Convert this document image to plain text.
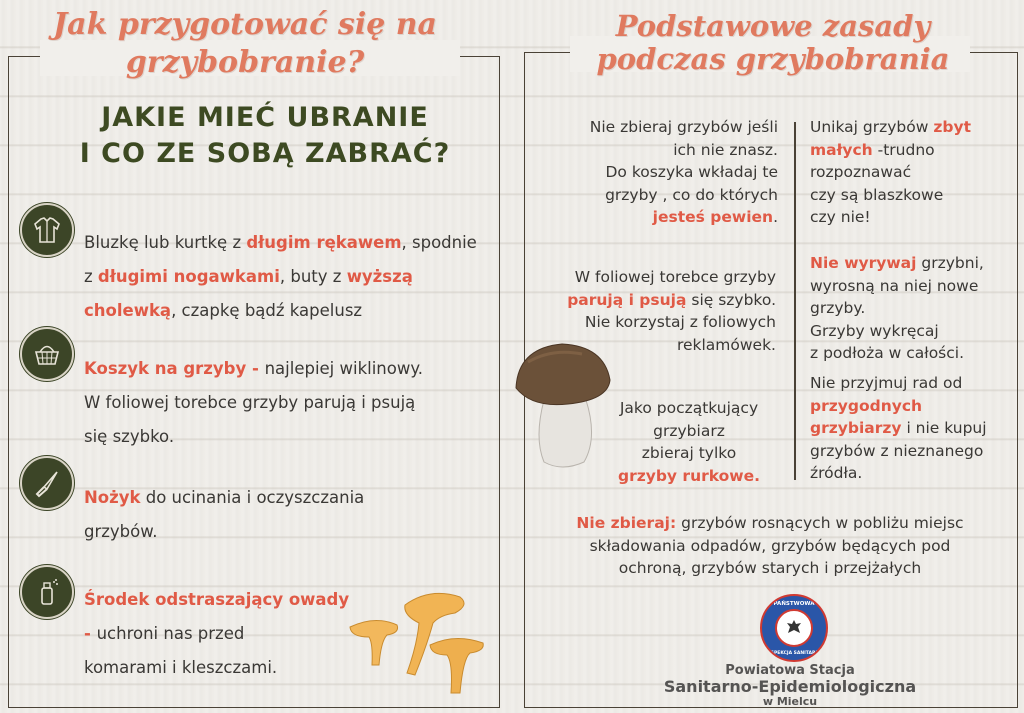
Jak przygotować się na
grzybobranie?
JAKIE MIEĆ UBRANIE
I CO ZE SOBĄ ZABRAĆ?
Bluzkę lub kurtkę z długim rękawem, spodnie
z długimi nogawkami, buty z wyższą
cholewką, czapkę bądź kapelusz
Koszyk na grzyby - najlepiej wiklinowy.
W foliowej torebce grzyby parują i psują
się szybko.
Nożyk do ucinania i oczyszczania
grzybów.
Środek odstraszający owady
- uchroni nas przed
komarami i kleszczami.
Podstawowe zasady
podczas grzybobrania
Nie zbieraj grzybów jeśli
ich nie znasz.
Do koszyka wkładaj te
grzyby , co do których
jesteś pewien.
W foliowej torebce grzyby
parują i psują się szybko.
Nie korzystaj z foliowych
reklamówek.
Jako początkujący
grzybiarz
zbieraj tylko
grzyby rurkowe.
Unikaj grzybów zbyt
małych -trudno
rozpoznawać
czy są blaszkowe
czy nie!
Nie wyrywaj grzybni,
wyrosną na niej nowe
grzyby.
Grzyby wykręcaj
z podłoża w całości.
Nie przyjmuj rad od
przygodnych
grzybiarzy i nie kupuj
grzybów z nieznanego
źródła.
Nie zbieraj: grzybów rosnących w pobliżu miejsc
składowania odpadów, grzybów będących pod
ochroną, grzybów starych i przejżałych
PAŃSTWOWA
INSPEKCJA SANITARNA
Powiatowa Stacja
Sanitarno-Epidemiologiczna
w Mielcu
